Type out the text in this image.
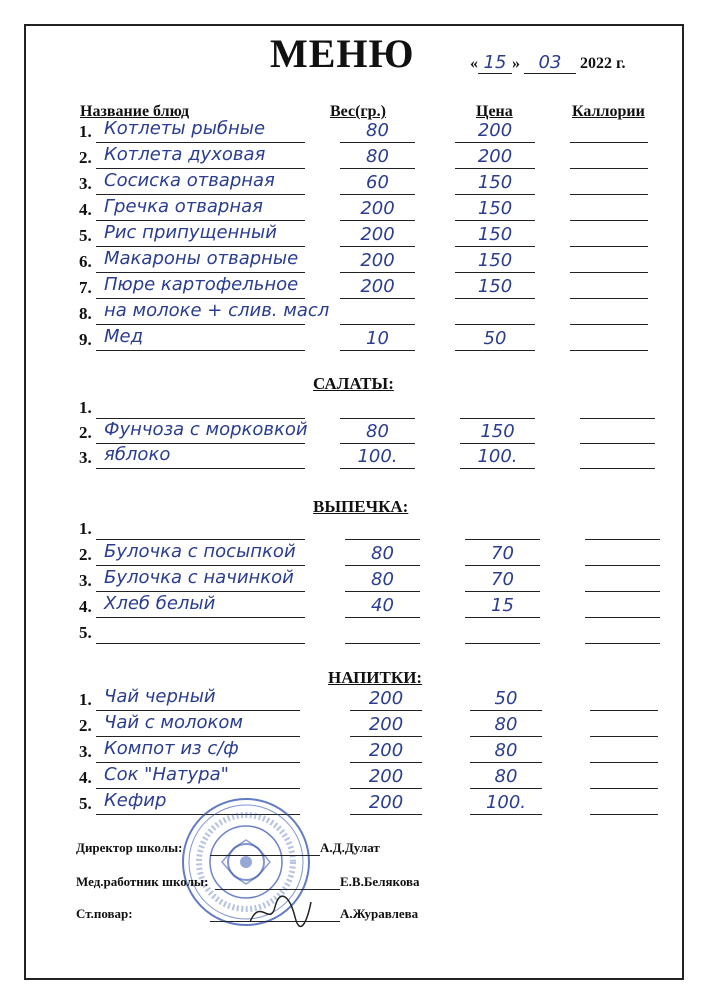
МЕНЮ	« 15 » 03 2022 г.
Название блюд	Вес(гр.)	Цена	Каллории
1. Котлеты рыбные	80	200
2. Котлета духовая	80	200
3. Сосиска отварная	60	150
4. Гречка отварная	200	150
5. Рис припущенный	200	150
6. Макароны отварные	200	150
7. Пюре картофельное	200	150
8. на молоке + слив. масл
9. Мед	10	50
1.
2. Фунчоза с морковкой	80	150
3. яблоко	100.	100.
1.
2. Булочка с посыпкой	80	70
3. Булочка с начинкой	80	70
4. Хлеб белый	40	15
5.
1. Чай черный	200	50
2. Чай с молоком	200	80
3. Компот из с/ф	200	80
4. Сок "Натура"	200	80
5. Кефир	200	100.
САЛАТЫ:
ВЫПЕЧКА:
НАПИТКИ:
Директор школы:	А.Д.Дулат
Мед.работник школы:	Е.В.Белякова
Ст.повар:	А.Журавлева
